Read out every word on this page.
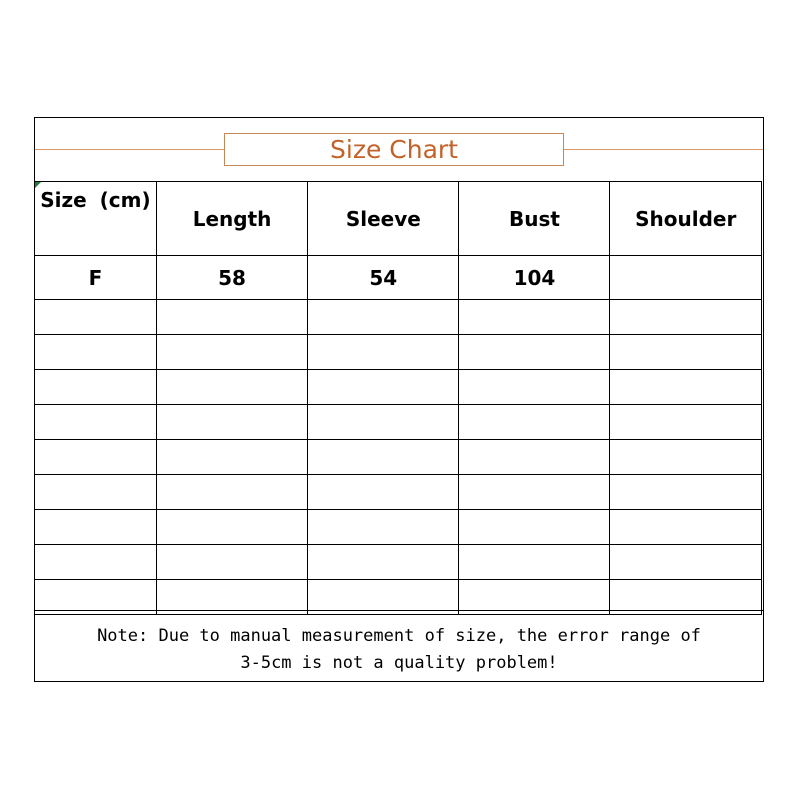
Size Chart
Size (cm)	Length	Sleeve	Bust	Shoulder
F	58	54	104	

Note: Due to manual measurement of size, the error range of
3-5cm is not a quality problem!
